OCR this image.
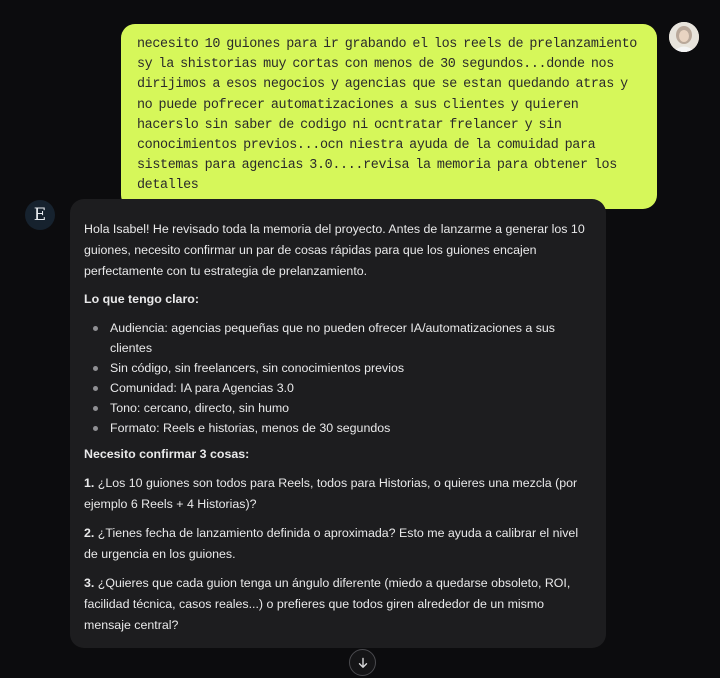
necesito 10 guiones para ir grabando el los reels de prelanzamiento sy la shistorias muy cortas con menos de 30 segundos...donde nos dirijimos a esos negocios y agencias que se estan quedando atras y no puede pofrecer automatizaciones a sus clientes y quieren hacerslo sin saber de codigo ni ocntratar frelancer y sin conocimientos previos...ocn niestra ayuda de la comuidad para sistemas para agencias 3.0....revisa la memoria para obtener los detalles
E

Hola Isabel! He revisado toda la memoria del proyecto. Antes de lanzarme a generar los 10 guiones, necesito confirmar un par de cosas rápidas para que los guiones encajen perfectamente con tu estrategia de prelanzamiento.

Lo que tengo claro:

Audiencia: agencias pequeñas que no pueden ofrecer IA/automatizaciones a sus clientes
Sin código, sin freelancers, sin conocimientos previos
Comunidad: IA para Agencias 3.0
Tono: cercano, directo, sin humo
Formato: Reels e historias, menos de 30 segundos

Necesito confirmar 3 cosas:

1. ¿Los 10 guiones son todos para Reels, todos para Historias, o quieres una mezcla (por ejemplo 6 Reels + 4 Historias)?

2. ¿Tienes fecha de lanzamiento definida o aproximada? Esto me ayuda a calibrar el nivel de urgencia en los guiones.

3. ¿Quieres que cada guion tenga un ángulo diferente (miedo a quedarse obsoleto, ROI, facilidad técnica, casos reales...) o prefieres que todos giren alrededor de un mismo mensaje central?
